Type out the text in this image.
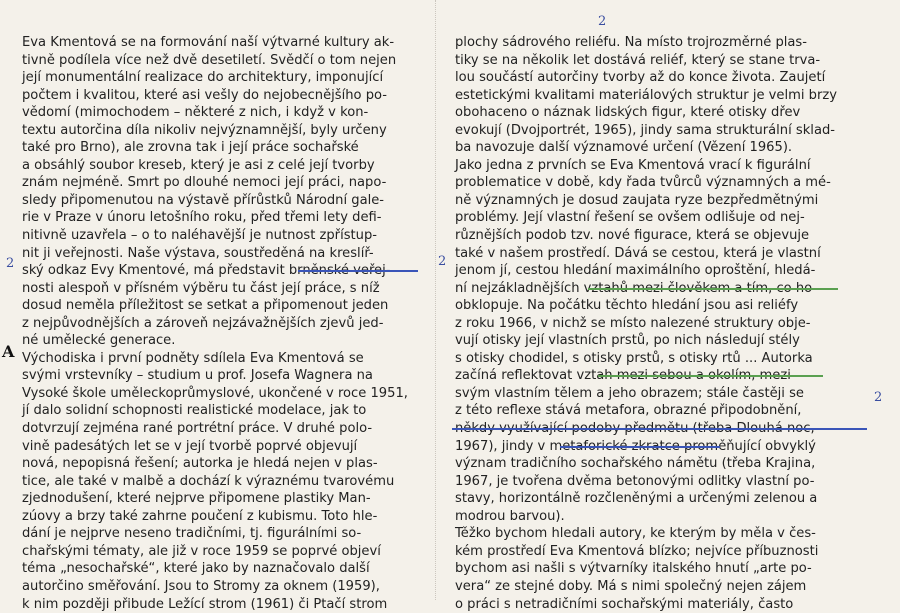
Eva Kmentová se na formování naší výtvarné kultury ak-
tivně podílela více než dvě desetiletí. Svědčí o tom nejen
její monumentální realizace do architektury, imponující
počtem i kvalitou, které asi vešly do nejobecnějšího po-
vědomí (mimochodem – některé z nich, i když v kon-
textu autorčina díla nikoliv nejvýznamnější, byly určeny
také pro Brno), ale zrovna tak i její práce sochařské
a obsáhlý soubor kreseb, který je asi z celé její tvorby
znám nejméně. Smrt po dlouhé nemoci její práci, napo-
sledy připomenutou na výstavě přírůstků Národní gale-
rie v Praze v únoru letošního roku, před třemi lety defi-
nitivně uzavřela – o to naléhavější je nutnost zpřístup-
nit ji veřejnosti. Naše výstava, soustředěná na kreslíř-
ský odkaz Evy Kmentové, má představit brněnské veřej-
nosti alespoň v přísném výběru tu část její práce, s níž
dosud neměla příležitost se setkat a připomenout jeden
z nejpůvodnějších a zároveň nejzávažnějších zjevů jed-
né umělecké generace.
Východiska i první podněty sdílela Eva Kmentová se
svými vrstevníky – studium u prof. Josefa Wagnera na
Vysoké škole uměleckoprůmyslové, ukončené v roce 1951,
jí dalo solidní schopnosti realistické modelace, jak to
dotvrzují zejména rané portrétní práce. V druhé polo-
vině padesátých let se v její tvorbě poprvé objevují
nová, nepopisná řešení; autorka je hledá nejen v plas-
tice, ale také v malbě a dochází k výraznému tvarovému
zjednodušení, které nejprve připomene plastiky Man-
zúovy a brzy také zahrne poučení z kubismu. Toto hle-
dání je nejprve neseno tradičními, tj. figurálními so-
chařskými tématy, ale již v roce 1959 se poprvé objeví
téma „nesochařské“, které jako by naznačovalo další
autorčino směřování. Jsou to Stromy za oknem (1959),
k nim později přibude Ležící strom (1961) či Ptačí strom
plochy sádrového reliéfu. Na místo trojrozměrné plas-
tiky se na několik let dostává reliéf, který se stane trva-
lou součástí autorčiny tvorby až do konce života. Zaujetí
estetickými kvalitami materiálových struktur je velmi brzy
obohaceno o náznak lidských figur, které otisky dřev
evokují (Dvojportrét, 1965), jindy sama strukturální sklad-
ba navozuje další významové určení (Vězení 1965).
Jako jedna z prvních se Eva Kmentová vrací k figurální
problematice v době, kdy řada tvůrců významných a mé-
ně významných je dosud zaujata ryze bezpředmětnými
problémy. Její vlastní řešení se ovšem odlišuje od nej-
různějších podob tzv. nové figurace, která se objevuje
také v našem prostředí. Dává se cestou, která je vlastní
jenom jí, cestou hledání maximálního oproštění, hledá-
ní nejzákladnějších vztahů mezi člověkem a tím, co ho
obklopuje. Na počátku těchto hledání jsou asi reliéfy
z roku 1966, v nichž se místo nalezené struktury obje-
vují otisky její vlastních prstů, po nich následují stély
s otisky chodidel, s otisky prstů, s otisky rtů ... Autorka
začíná reflektovat vztah mezi sebou a okolím, mezi
svým vlastním tělem a jeho obrazem; stále častěji se
z této reflexe stává metafora, obrazné připodobnění,
někdy využívající podoby předmětu (třeba Dlouhá noc,
1967), jindy v metaforické zkratce proměňující obvyklý
význam tradičního sochařského námětu (třeba Krajina,
1967, je tvořena dvěma betonovými odlitky vlastní po-
stavy, horizontálně rozčleněnými a určenými zelenou a
modrou barvou).
Těžko bychom hledali autory, ke kterým by měla v čes-
kém prostředí Eva Kmentová blízko; nejvíce příbuznosti
bychom asi našli s výtvarníky italského hnutí „arte po-
vera“ ze stejné doby. Má s nimi společný nejen zájem
o práci s netradičními sochařskými materiály, často
2
A
2
2
2
